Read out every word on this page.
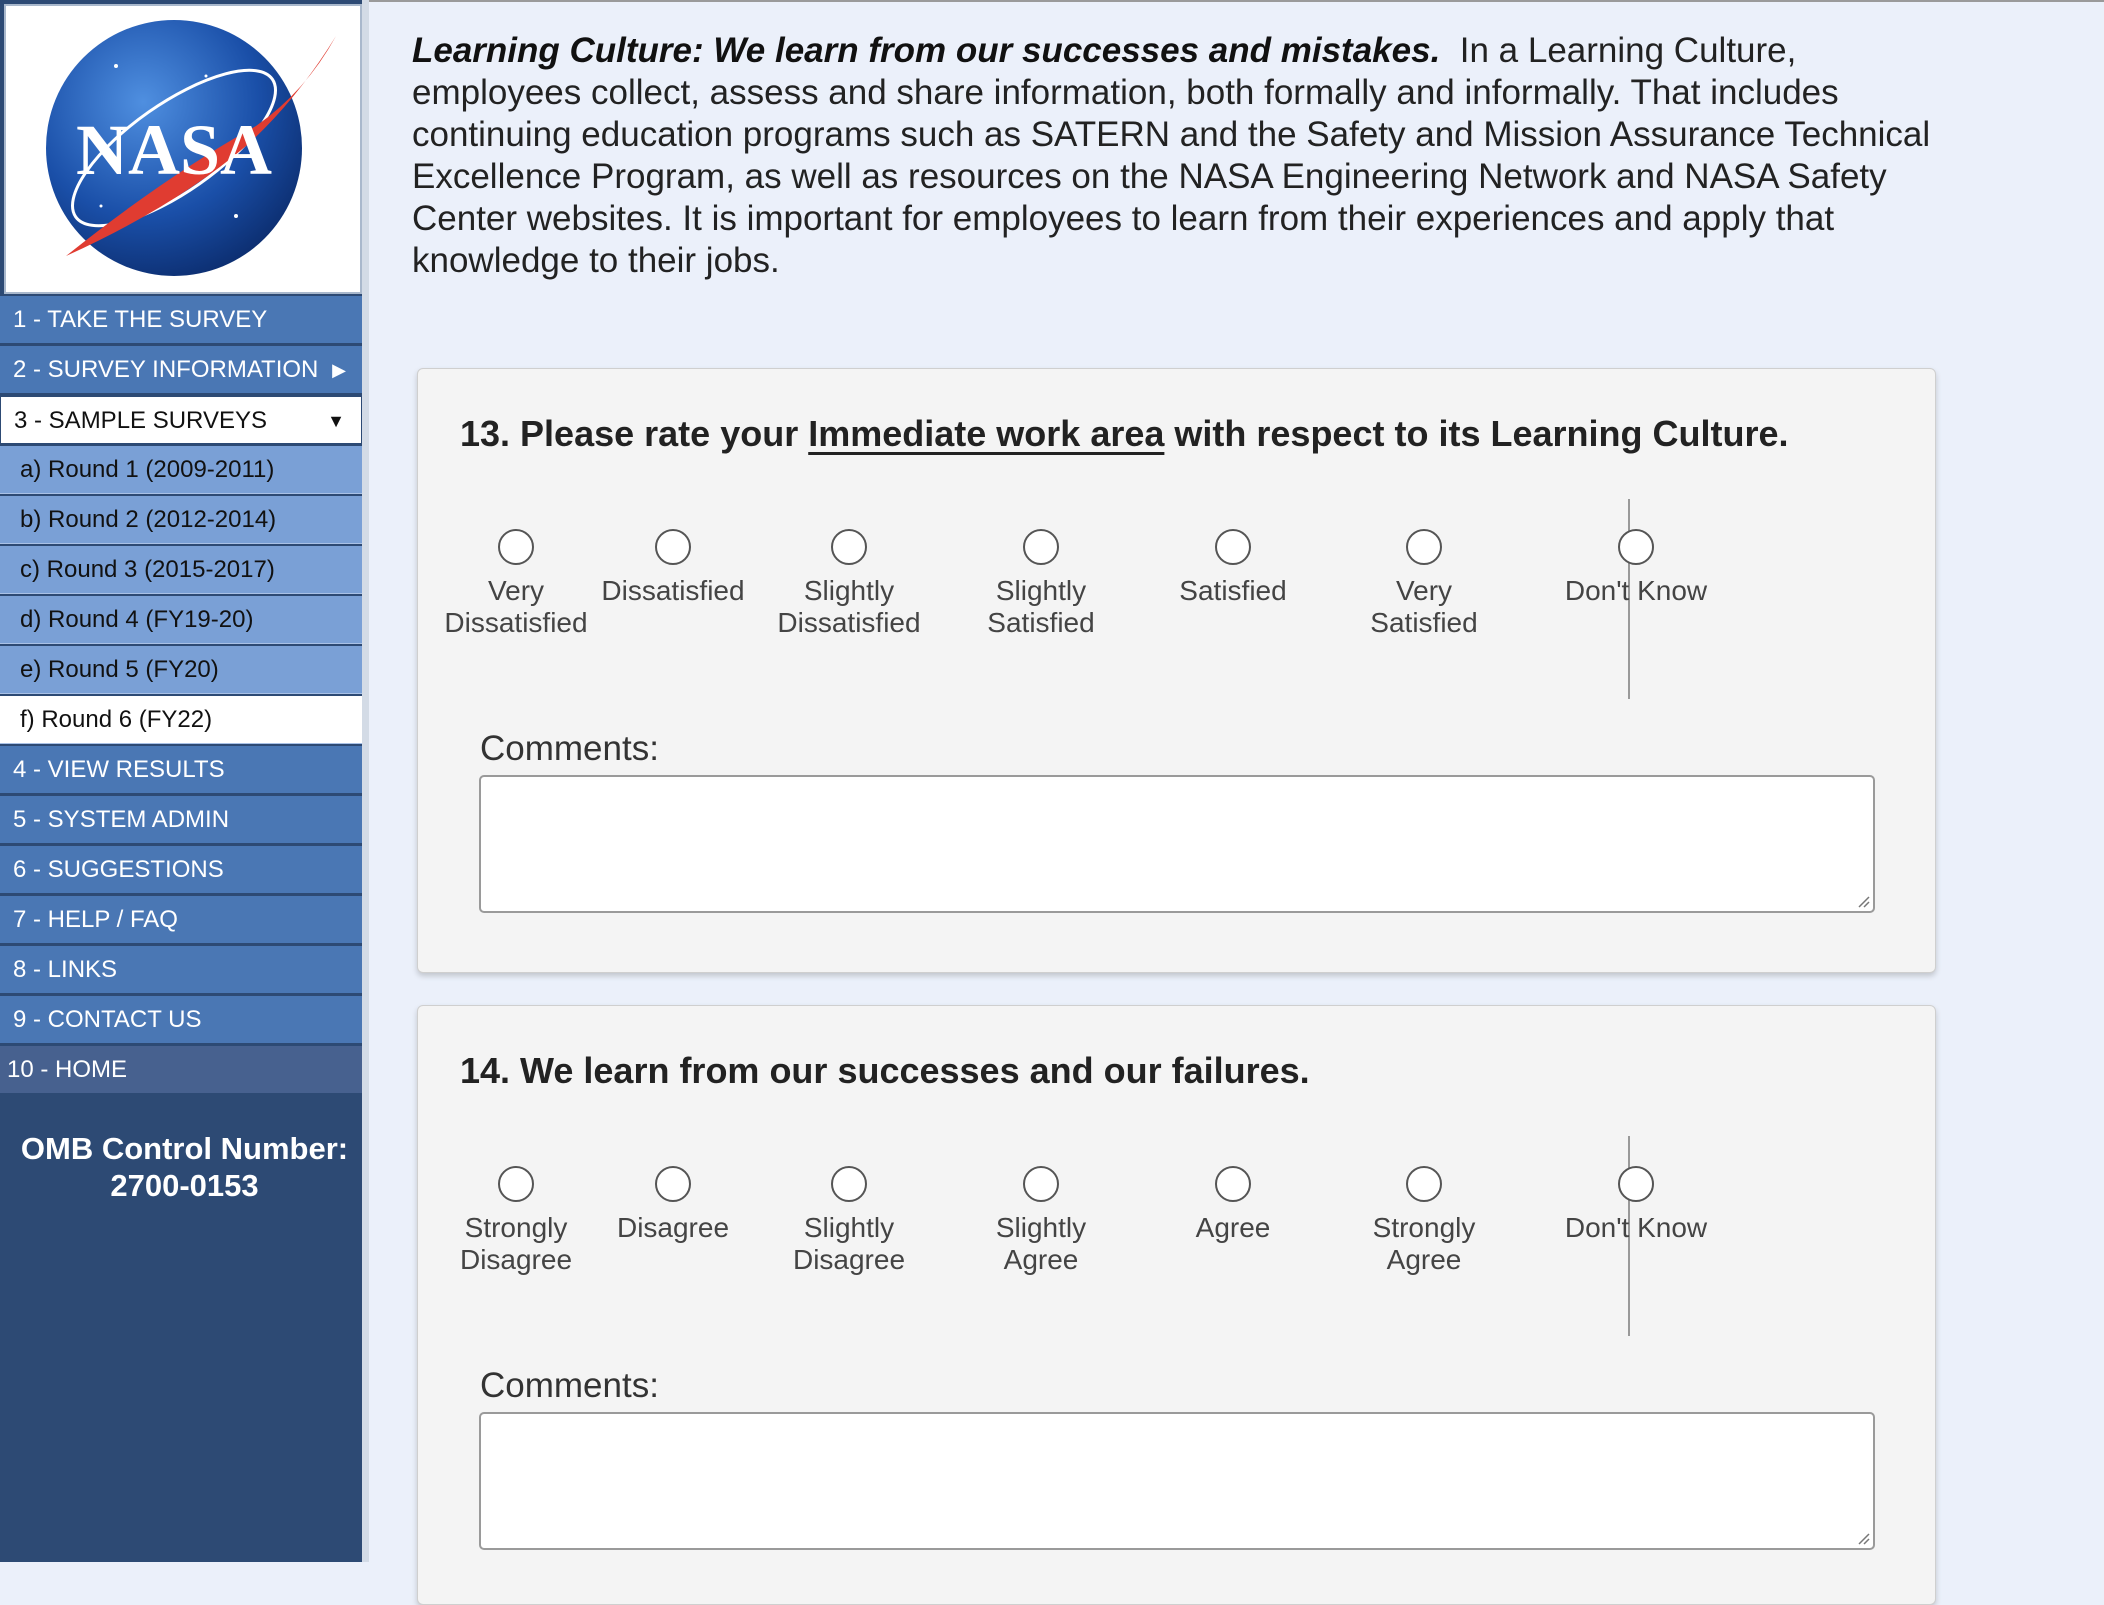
NASA
1 - TAKE THE SURVEY
2 - SURVEY INFORMATION ▶
3 - SAMPLE SURVEYS	▼
a) Round 1 (2009-2011)
b) Round 2 (2012-2014)
c) Round 3 (2015-2017)
d) Round 4 (FY19-20)
e) Round 5 (FY20)
f) Round 6 (FY22)
4 - VIEW RESULTS
5 - SYSTEM ADMIN
6 - SUGGESTIONS
7 - HELP / FAQ
8 - LINKS
9 - CONTACT US
10 - HOME
OMB Control Number:
2700-0153
Learning Culture: We learn from our successes and mistakes. In a Learning Culture, employees collect, assess and share information, both formally and informally. That includes continuing education programs such as SATERN and the Safety and Mission Assurance Technical Excellence Program, as well as resources on the NASA Engineering Network and NASA Safety Center websites. It is important for employees to learn from their experiences and apply that knowledge to their jobs.
13. Please rate your Immediate work area with respect to its Learning Culture.
Very
Dissatisfied
Dissatisfied	Slightly
Dissatisfied
Slightly
Satisfied
Satisfied	Very
Satisfied
Don't Know
Comments:
14. We learn from our successes and our failures.
Strongly
Disagree
Disagree	Slightly
Disagree
Slightly
Agree
Agree	Strongly
Agree
Don't Know
Comments:
